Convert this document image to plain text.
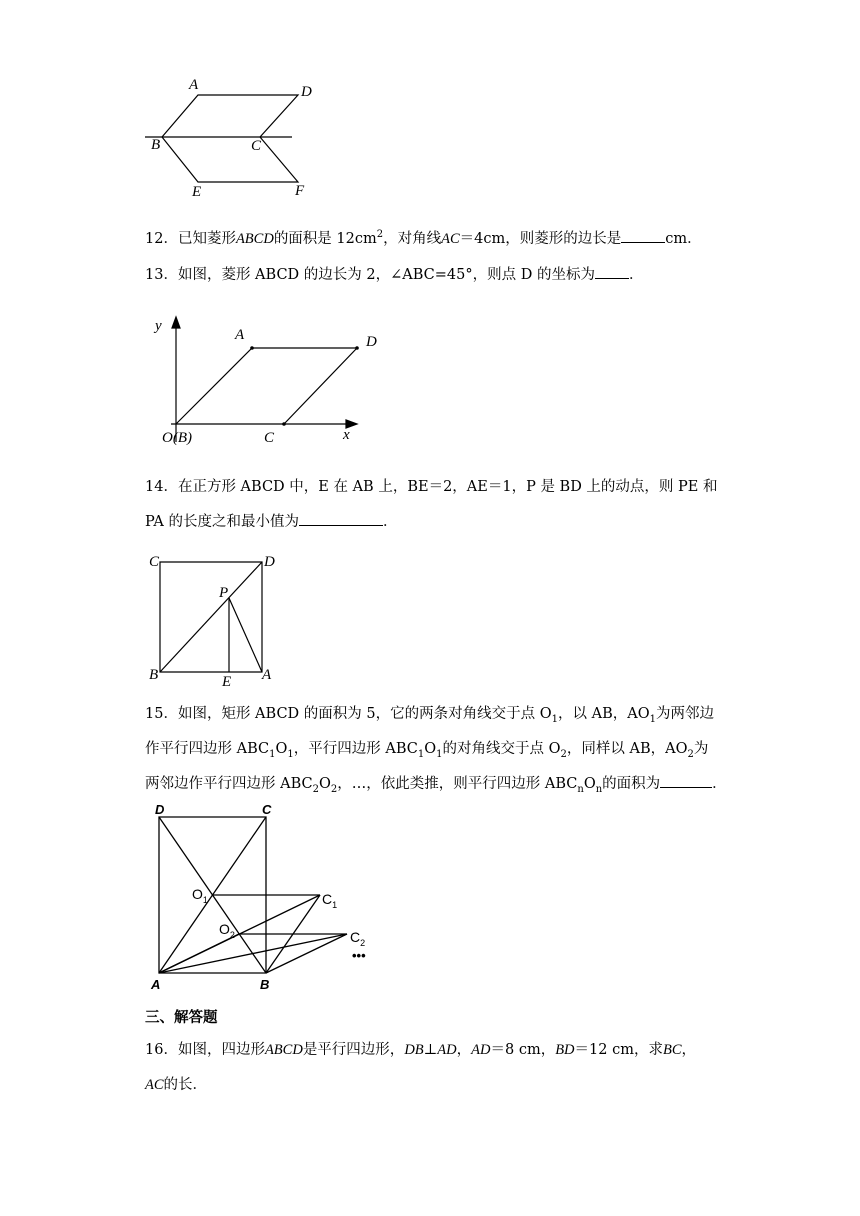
A	D
B	C
E	F

12．已知菱形ABCD的面积是 $12cm^2$，对角线AC＝4cm，则菱形的边长是	cm．

13．如图，菱形 ABCD 的边长为 2，∠ABC=45°，则点 D 的坐标为 ．

y
x
A	D
O(B)	C

14．在正方形 ABCD 中，E 在 AB 上，BE＝2，AE＝1，P 是 BD 上的动点，则 PE 和
PA 的长度之和最小值为	．

C	D
P
B	E A

15．如图，矩形 ABCD 的面积为 5，它的两条对角线交于点 $O_1$，以 AB，$AO_1$为两邻边
作平行四边形 $ABC_1O_1$，平行四边形 $ABC_1O_1$的对角线交于点 $O_2$，同样以 AB，$AO_2$为
两邻边作平行四边形 $ABC_2O_2$，…，依此类推，则平行四边形 $ABC_nO_n$的面积为	．

D	C
$O_1$	$C_1$
$O_2$	$C_2$
•••
A	B

三、解答题

16．如图，四边形ABCD是平行四边形，DB⊥AD，AD＝8 cm，BD＝12 cm，求BC，
AC的长．
